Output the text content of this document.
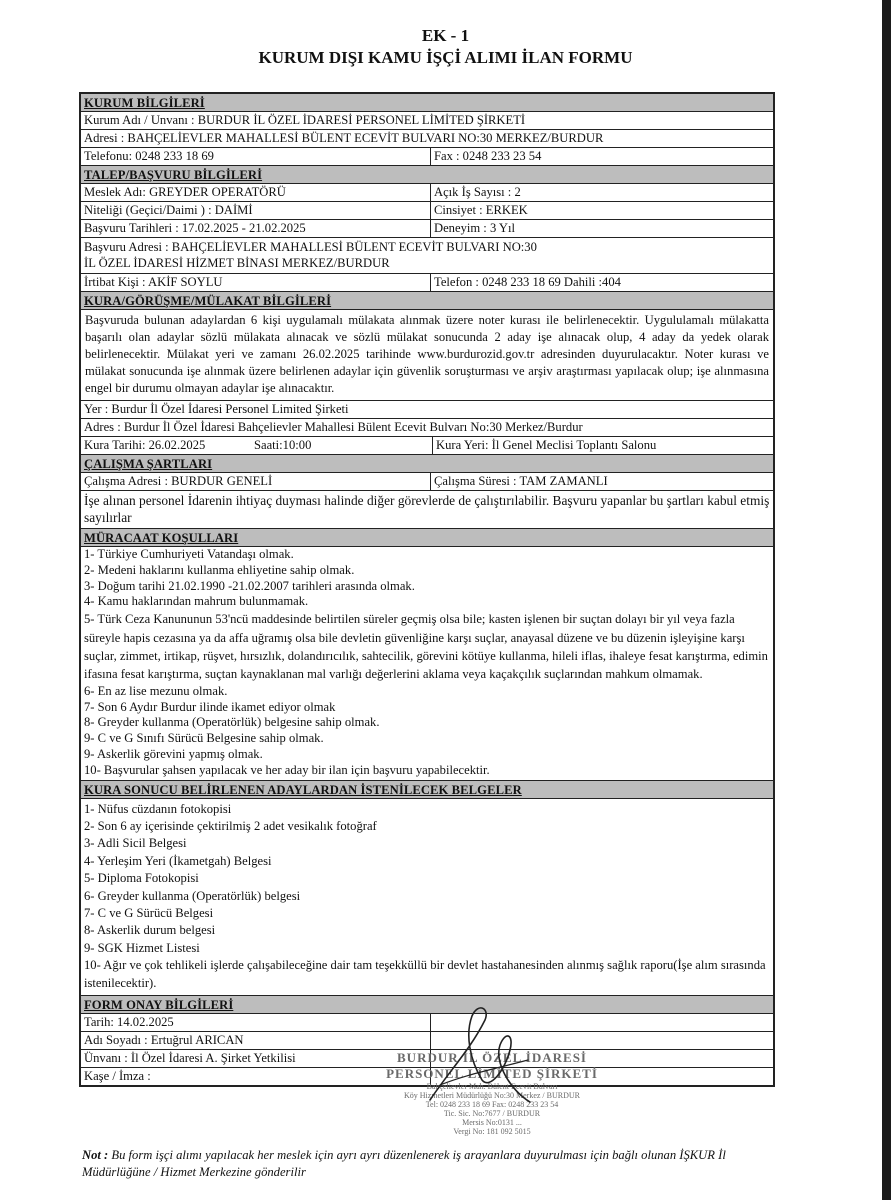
EK - 1
KURUM DIŞI KAMU İŞÇİ ALIMI İLAN FORMU
KURUM BİLGİLERİ
Kurum Adı / Unvanı : BURDUR İL ÖZEL İDARESİ PERSONEL LİMİTED ŞİRKETİ
Adresi : BAHÇELİEVLER MAHALLESİ BÜLENT ECEVİT BULVARI NO:30 MERKEZ/BURDUR
Telefonu: 0248 233 18 69	Fax : 0248 233 23 54
TALEP/BAŞVURU BİLGİLERİ
Meslek Adı: GREYDER OPERATÖRÜ	Açık İş Sayısı : 2
Niteliği (Geçici/Daimi ) : DAİMİ	Cinsiyet : ERKEK
Başvuru Tarihleri : 17.02.2025 - 21.02.2025	Deneyim : 3 Yıl
Başvuru Adresi : BAHÇELİEVLER MAHALLESİ BÜLENT ECEVİT BULVARI NO:30
İL ÖZEL İDARESİ HİZMET BİNASI MERKEZ/BURDUR
İrtibat Kişi : AKİF SOYLU	Telefon : 0248 233 18 69 Dahili :404
KURA/GÖRÜŞME/MÜLAKAT BİLGİLERİ
Başvuruda bulunan adaylardan 6 kişi uygulamalı mülakata alınmak üzere noter kurası ile belirlenecektir. Uygululamalı mülakatta başarılı olan adaylar sözlü mülakata alınacak ve sözlü mülakat sonucunda 2 aday işe alınacak olup, 4 aday da yedek olarak belirlenecektir. Mülakat yeri ve zamanı 26.02.2025 tarihinde www.burdurozid.gov.tr adresinden duyurulacaktır. Noter kurası ve mülakat sonucunda işe alınmak üzere belirlenen adaylar için güvenlik soruşturması ve arşiv araştırması yapılacak olup; işe alınmasına engel bir durumu olmayan adaylar işe alınacaktır.
Yer : Burdur İl Özel İdaresi Personel Limited Şirketi
Adres : Burdur İl Özel İdaresi Bahçelievler Mahallesi Bülent Ecevit Bulvarı No:30 Merkez/Burdur
Kura Tarihi: 26.02.2025	Saati:10:00	Kura Yeri: İl Genel Meclisi Toplantı Salonu
ÇALIŞMA ŞARTLARI
Çalışma Adresi : BURDUR GENELİ	Çalışma Süresi : TAM ZAMANLI
İşe alınan personel İdarenin ihtiyaç duyması halinde diğer görevlerde de çalıştırılabilir. Başvuru yapanlar bu şartları kabul etmiş sayılırlar
MÜRACAAT KOŞULLARI
1- Türkiye Cumhuriyeti Vatandaşı olmak.
2- Medeni haklarını kullanma ehliyetine sahip olmak.
3- Doğum tarihi 21.02.1990 -21.02.2007 tarihleri arasında olmak.
4- Kamu haklarından mahrum bulunmamak.
5- Türk Ceza Kanununun 53'ncü maddesinde belirtilen süreler geçmiş olsa bile; kasten işlenen bir suçtan dolayı bir yıl veya fazla süreyle hapis cezasına ya da affa uğramış olsa bile devletin güvenliğine karşı suçlar, anayasal düzene ve bu düzenin işleyişine karşı suçlar, zimmet, irtikap, rüşvet, hırsızlık, dolandırıcılık, sahtecilik, görevini kötüye kullanma, hileli iflas, ihaleye fesat karıştırma, edimin ifasına fesat karıştırma, suçtan kaynaklanan mal varlığı değerlerini aklama veya kaçakçılık suçlarından mahkum olmamak.
6- En az lise mezunu olmak.
7- Son 6 Aydır Burdur ilinde ikamet ediyor olmak
8- Greyder kullanma (Operatörlük) belgesine sahip olmak.
9- C ve G Sınıfı Sürücü Belgesine sahip olmak.
9- Askerlik görevini yapmış olmak.
10- Başvurular şahsen yapılacak ve her aday bir ilan için başvuru yapabilecektir.
KURA SONUCU BELİRLENEN ADAYLARDAN İSTENİLECEK BELGELER
1- Nüfus cüzdanın fotokopisi
2- Son 6 ay içerisinde çektirilmiş 2 adet vesikalık fotoğraf
3- Adli Sicil Belgesi
4- Yerleşim Yeri (İkametgah) Belgesi
5- Diploma Fotokopisi
6- Greyder kullanma (Operatörlük) belgesi
7- C ve G Sürücü Belgesi
8- Askerlik durum belgesi
9- SGK Hizmet Listesi
10- Ağır ve çok tehlikeli işlerde çalışabileceğine dair tam teşekküllü bir devlet hastahanesinden alınmış sağlık raporu(İşe alım sırasında istenilecektir).
FORM ONAY BİLGİLERİ
Tarih: 14.02.2025
Adı Soyadı : Ertuğrul ARICAN
Ünvanı : İl Özel İdaresi A. Şirket Yetkilisi
Kaşe / İmza :
BURDUR İL ÖZEL İDARESİ
PERSONEL LİMİTED ŞİRKETİ
Bahçelievler Mah. Bülent Ecevit Bulvarı
Köy Hizmetleri Müdürlüğü No:30 Merkez / BURDUR
Tel: 0248 233 18 69 Fax: 0248 233 23 54
Tic. Sic. No:7677 / BURDUR
Mersis No:0131 ...
Vergi No: 181 092 5015
Not : Bu form işçi alımı yapılacak her meslek için ayrı ayrı düzenlenerek iş arayanlara duyurulması için bağlı olunan İŞKUR İl Müdürlüğüne / Hizmet Merkezine gönderilir
